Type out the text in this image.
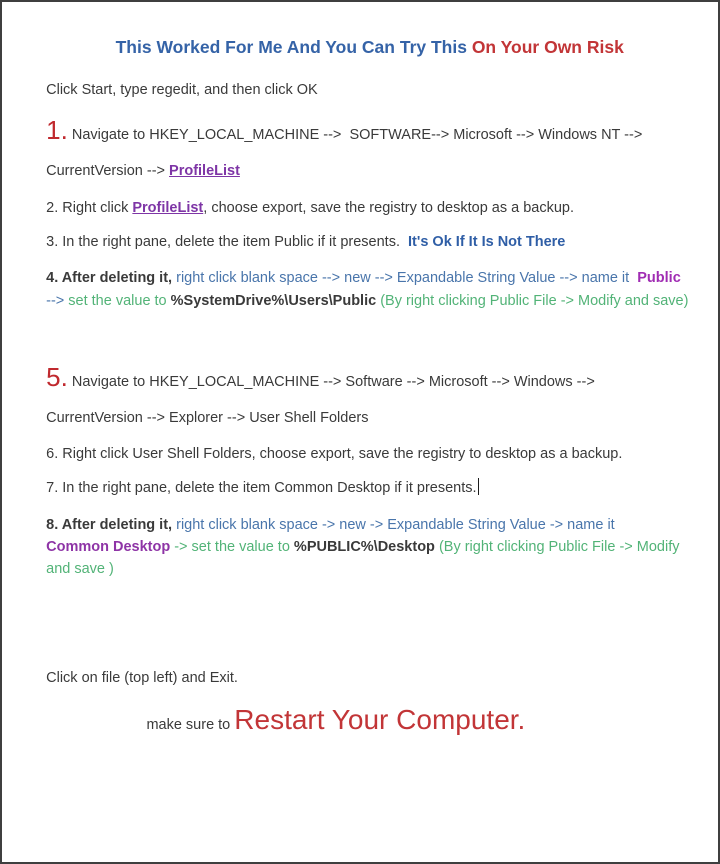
This Worked For Me And You Can Try This On Your Own Risk

Click Start, type regedit, and then click OK

1. Navigate to HKEY_LOCAL_MACHINE -->  SOFTWARE--> Microsoft --> Windows NT -->

CurrentVersion --> ProfileList

2. Right click ProfileList, choose export, save the registry to desktop as a backup.

3. In the right pane, delete the item Public if it presents.  It's Ok If It Is Not There

4. After deleting it, right click blank space --> new --> Expandable String Value --> name it  Public

--> set the value to %SystemDrive%\Users\Public (By right clicking Public File -> Modify and save)

5. Navigate to HKEY_LOCAL_MACHINE --> Software --> Microsoft --> Windows -->

CurrentVersion --> Explorer --> User Shell Folders

6. Right click User Shell Folders, choose export, save the registry to desktop as a backup.

7. In the right pane, delete the item Common Desktop if it presents.

8. After deleting it, right click blank space -> new -> Expandable String Value -> name it

Common Desktop -> set the value to %PUBLIC%\Desktop (By right clicking Public File -> Modify

and save )

Click on file (top left) and Exit.

make sure to Restart Your Computer.
